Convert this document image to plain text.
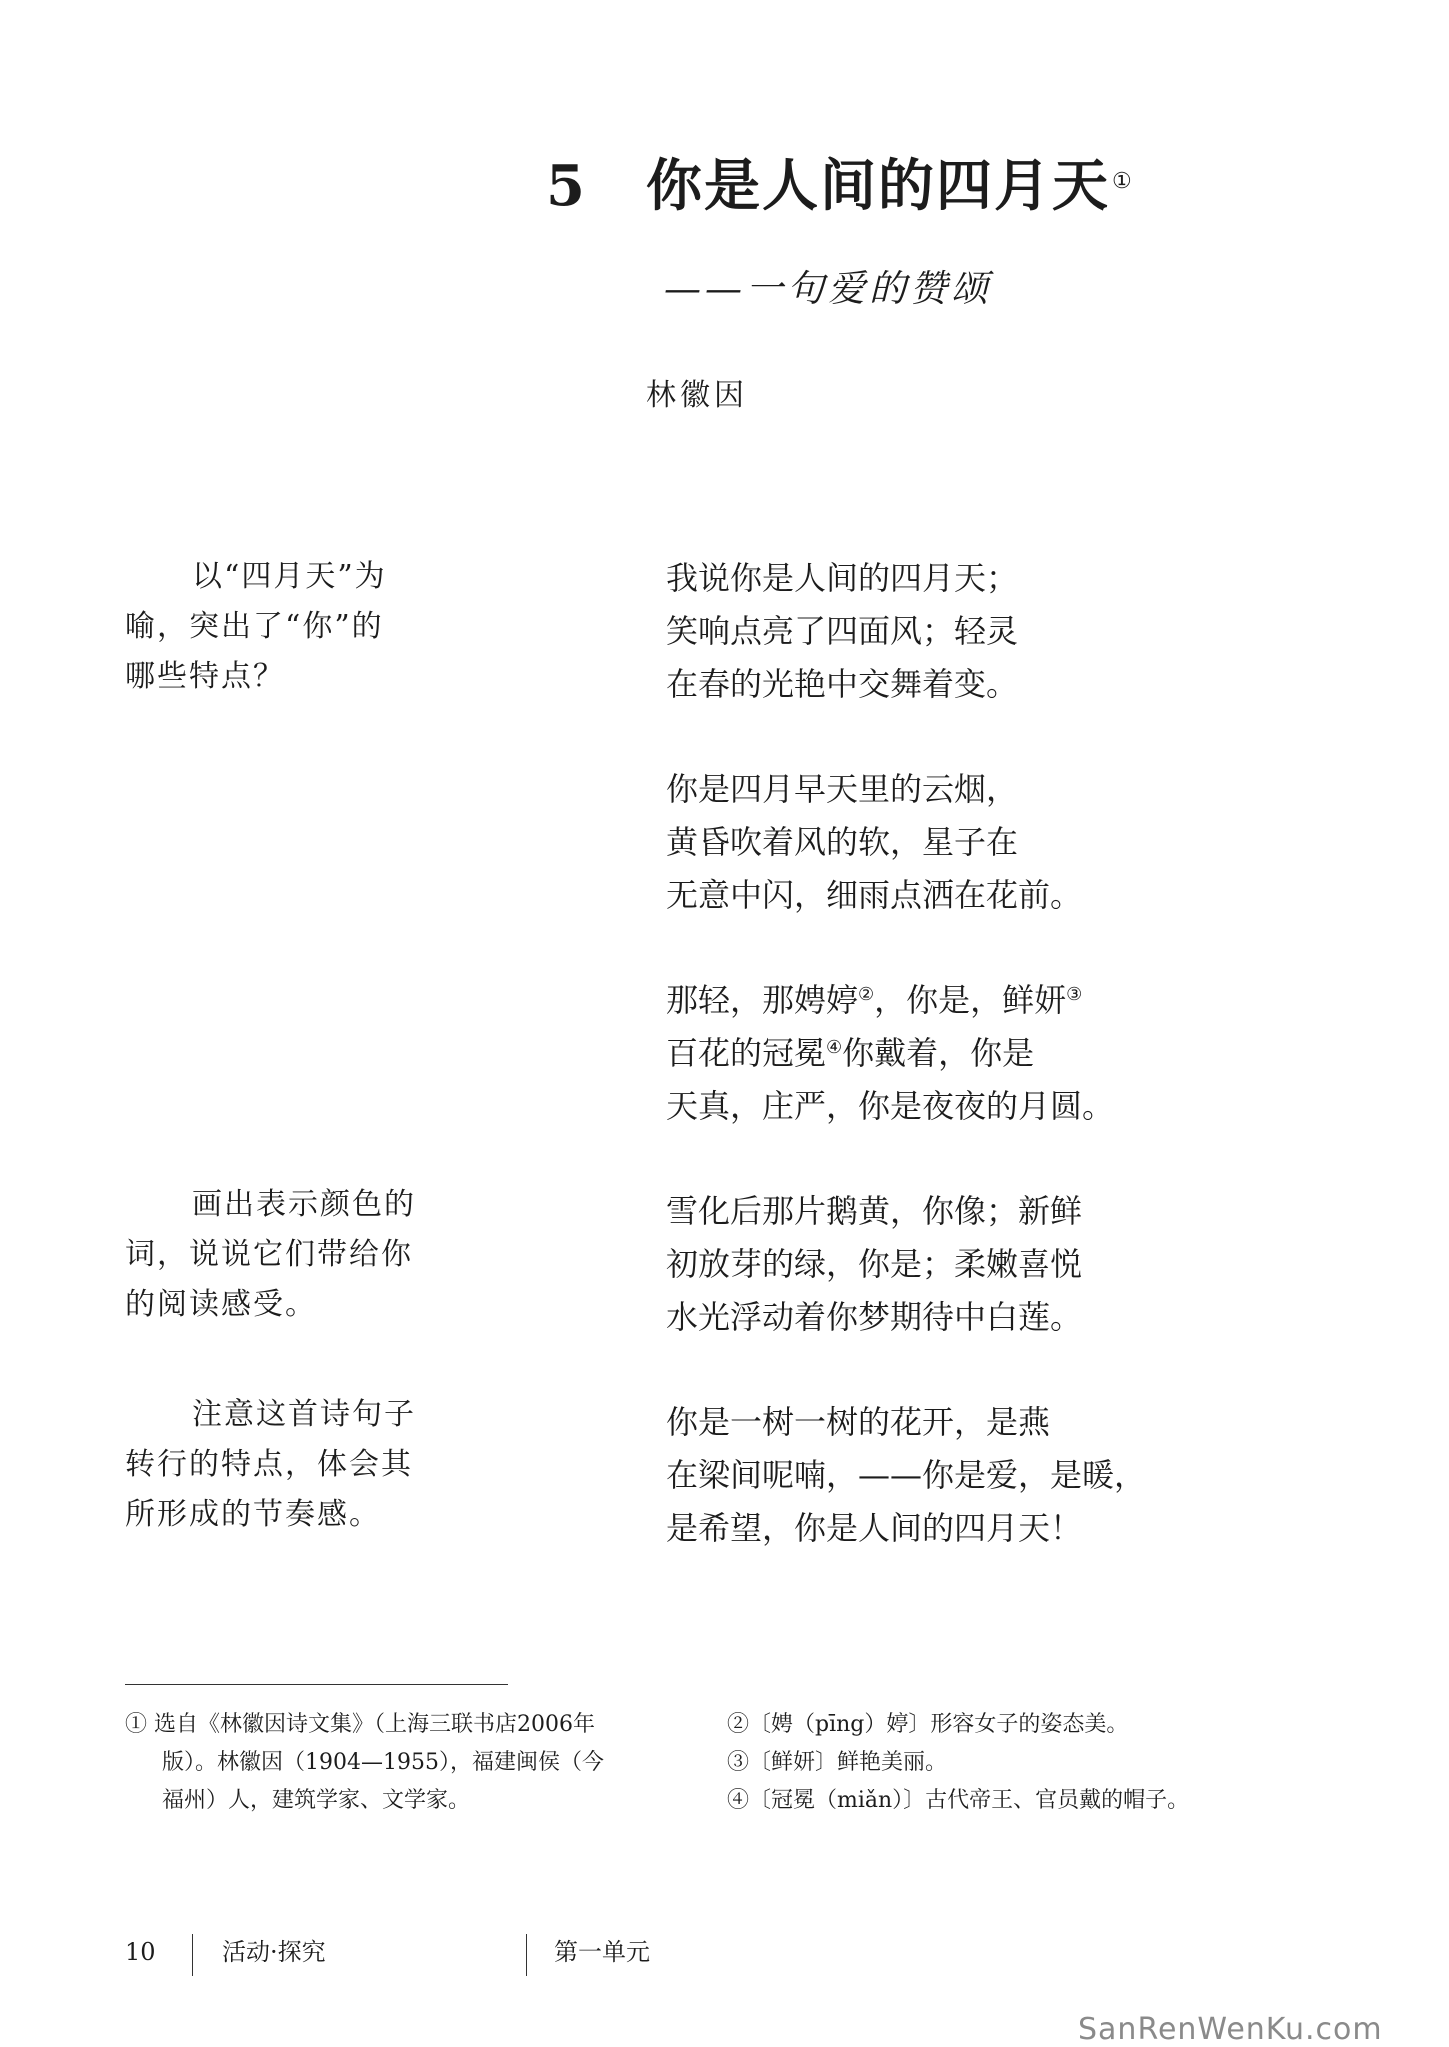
5 你是人间的四月天①
——一句爱的赞颂
林徽因
我说你是人间的四月天；
笑响点亮了四面风；轻灵
在春的光艳中交舞着变。
你是四月早天里的云烟，
黄昏吹着风的软，星子在
无意中闪，细雨点洒在花前。
那轻，那娉婷②，你是，鲜妍③
百花的冠冕④你戴着，你是
天真，庄严，你是夜夜的月圆。
雪化后那片鹅黄，你像；新鲜
初放芽的绿，你是；柔嫩喜悦
水光浮动着你梦期待中白莲。
你是一树一树的花开，是燕
在梁间呢喃，——你是爱，是暖，
是希望，你是人间的四月天！
以“四月天”为
喻，突出了“你”的
哪些特点？
画出表示颜色的
词，说说它们带给你
的阅读感受。
注意这首诗句子
转行的特点，体会其
所形成的节奏感。
① 选自《林徽因诗文集》（上海三联书店2006年
版）。林徽因（1904—1955），福建闽侯（今
福州）人，建筑学家、文学家。
②〔娉（pīng）婷〕形容女子的姿态美。
③〔鲜妍〕鲜艳美丽。
④〔冠冕（miǎn）〕古代帝王、官员戴的帽子。
10	活动·探究	第一单元
SanRenWenKu.com
